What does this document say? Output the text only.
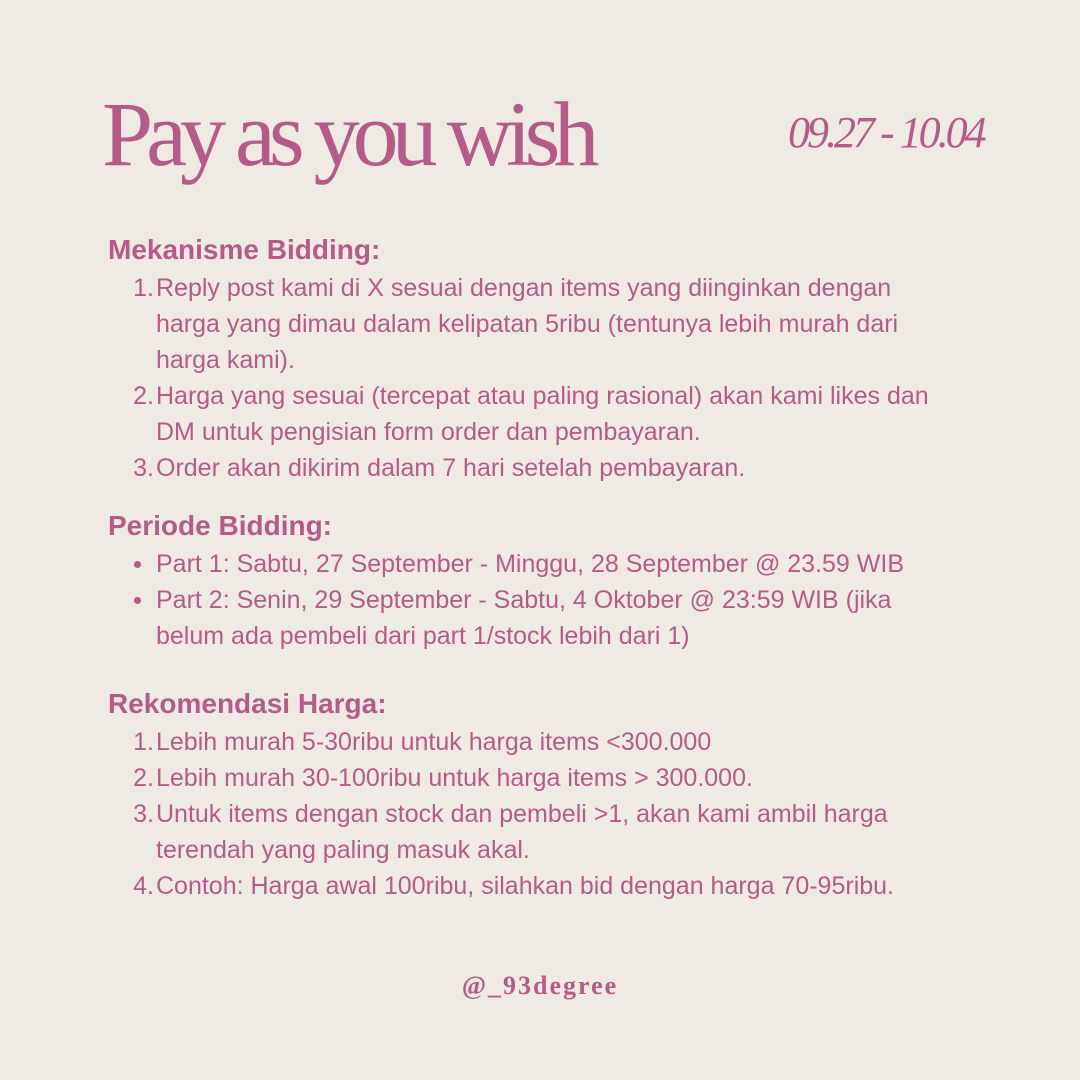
Pay as you wish	09.27 - 10.04
Mekanisme Bidding:
1. Reply post kami di X sesuai dengan items yang diinginkan dengan harga yang dimau dalam kelipatan 5ribu (tentunya lebih murah dari harga kami).
2. Harga yang sesuai (tercepat atau paling rasional) akan kami likes dan DM untuk pengisian form order dan pembayaran.
3. Order akan dikirim dalam 7 hari setelah pembayaran.
Periode Bidding:
Part 1: Sabtu, 27 September - Minggu, 28 September @ 23.59 WIB
Part 2: Senin, 29 September - Sabtu, 4 Oktober @ 23:59 WIB (jika belum ada pembeli dari part 1/stock lebih dari 1)
Rekomendasi Harga:
1. Lebih murah 5-30ribu untuk harga items <300.000
2. Lebih murah 30-100ribu untuk harga items > 300.000.
3. Untuk items dengan stock dan pembeli >1, akan kami ambil harga terendah yang paling masuk akal.
4. Contoh: Harga awal 100ribu, silahkan bid dengan harga 70-95ribu.
@_93degree
